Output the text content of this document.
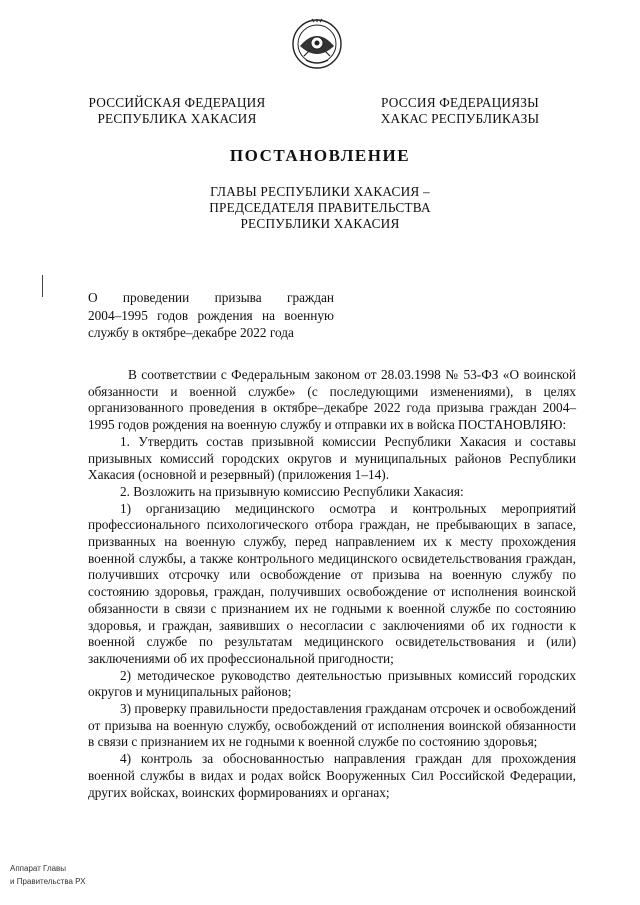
РОССИЙСКАЯ ФЕДЕРАЦИЯ
РЕСПУБЛИКА ХАКАСИЯ
РОССИЯ ФЕДЕРАЦИЯЗЫ
ХАКАС РЕСПУБЛИКАЗЫ
ПОСТАНОВЛЕНИЕ
ГЛАВЫ РЕСПУБЛИКИ ХАКАСИЯ –
ПРЕДСЕДАТЕЛЯ ПРАВИТЕЛЬСТВА
РЕСПУБЛИКИ ХАКАСИЯ
О проведении призыва граждан
2004–1995 годов рождения на военную
службу в октябре–декабре 2022 года

В соответствии с Федеральным законом от 28.03.1998 № 53-ФЗ «О воинской обязанности и военной службе» (с последующими изменениями), в целях организованного проведения в октябре–декабре 2022 года призыва граждан 2004–1995 годов рождения на военную службу и отправки их в войска ПОСТАНОВЛЯЮ:

1. Утвердить состав призывной комиссии Республики Хакасия и составы призывных комиссий городских округов и муниципальных районов Республики Хакасия (основной и резервный) (приложения 1–14).

2. Возложить на призывную комиссию Республики Хакасия:

1) организацию медицинского осмотра и контрольных мероприятий профессионального психологического отбора граждан, не пребывающих в запасе, призванных на военную службу, перед направлением их к месту прохождения военной службы, а также контрольного медицинского освидетельствования граждан, получивших отсрочку или освобождение от призыва на военную службу по состоянию здоровья, граждан, получивших освобождение от исполнения воинской обязанности в связи с признанием их не годными к военной службе по состоянию здоровья, и граждан, заявивших о несогласии с заключениями об их годности к военной службе по результатам медицинского освидетельствования и (или) заключениями об их профессиональной пригодности;

2) методическое руководство деятельностью призывных комиссий городских округов и муниципальных районов;

3) проверку правильности предоставления гражданам отсрочек и освобождений от призыва на военную службу, освобождений от исполнения воинской обязанности в связи с признанием их не годными к военной службе по состоянию здоровья;

4) контроль за обоснованностью направления граждан для прохождения военной службы в видах и родах войск Вооруженных Сил Российской Федерации, других войсках, воинских формированиях и органах;

Аппарат Главы
и Правительства РХ
